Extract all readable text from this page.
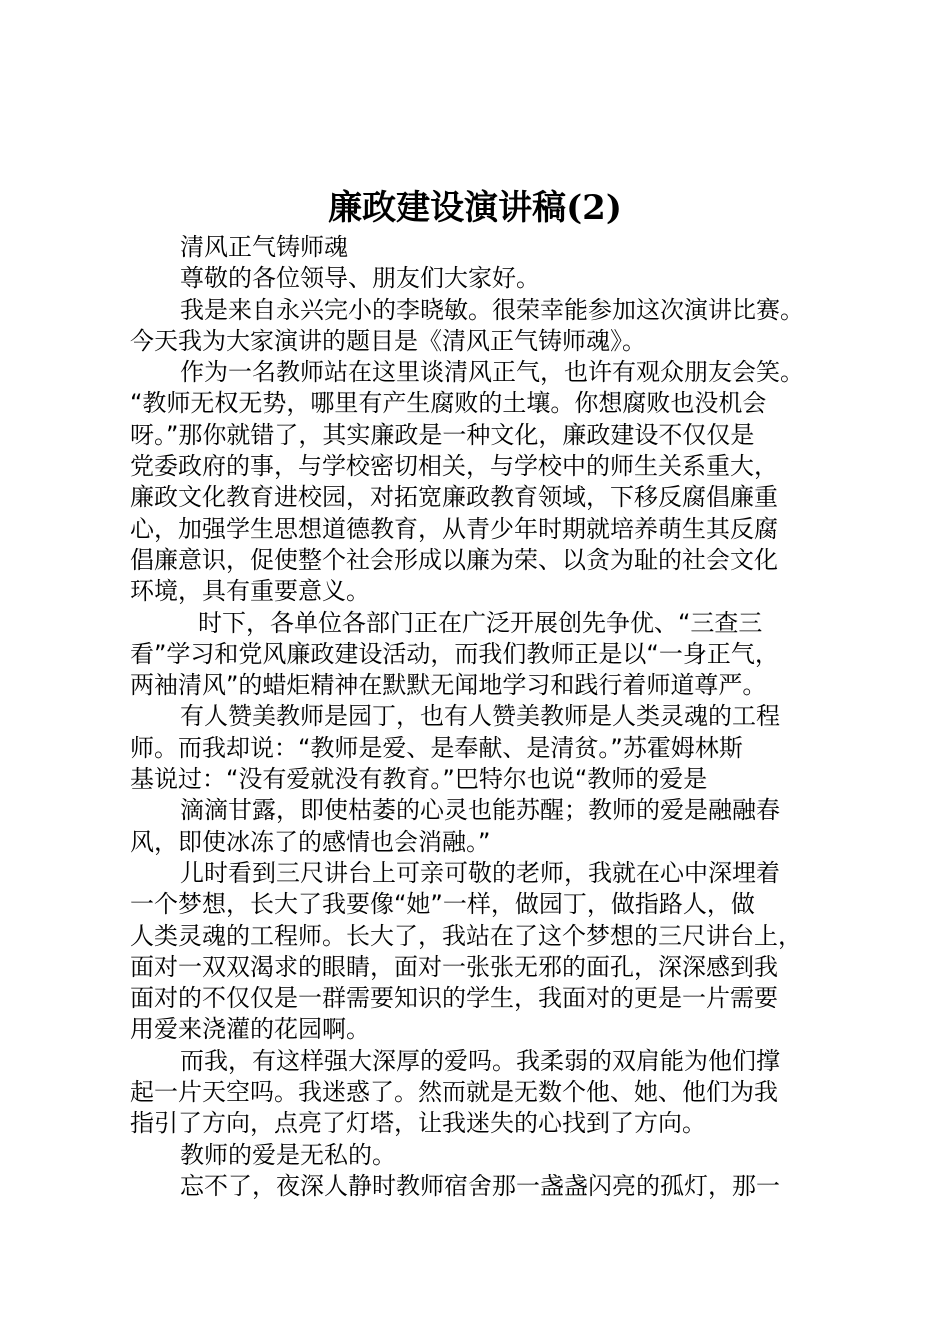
廉政建设演讲稿(2)
清风正气铸师魂
尊敬的各位领导、朋友们大家好。
我是来自永兴完小的李晓敏。很荣幸能参加这次演讲比赛。
今天我为大家演讲的题目是《清风正气铸师魂》。
作为一名教师站在这里谈清风正气，也许有观众朋友会笑。
“教师无权无势，哪里有产生腐败的土壤。你想腐败也没机会
呀。”那你就错了，其实廉政是一种文化，廉政建设不仅仅是
党委政府的事，与学校密切相关，与学校中的师生关系重大，
廉政文化教育进校园，对拓宽廉政教育领域，下移反腐倡廉重
心，加强学生思想道德教育，从青少年时期就培养萌生其反腐
倡廉意识，促使整个社会形成以廉为荣、以贪为耻的社会文化
环境，具有重要意义。
时下，各单位各部门正在广泛开展创先争优、“三查三
看”学习和党风廉政建设活动，而我们教师正是以“一身正气，
两袖清风”的蜡炬精神在默默无闻地学习和践行着师道尊严。
有人赞美教师是园丁，也有人赞美教师是人类灵魂的工程
师。而我却说：“教师是爱、是奉献、是清贫。”苏霍姆林斯
基说过：“没有爱就没有教育。”巴特尔也说“教师的爱是
滴滴甘露，即使枯萎的心灵也能苏醒；教师的爱是融融春
风，即使冰冻了的感情也会消融。”
儿时看到三尺讲台上可亲可敬的老师，我就在心中深埋着
一个梦想，长大了我要像“她”一样，做园丁，做指路人，做
人类灵魂的工程师。长大了，我站在了这个梦想的三尺讲台上，
面对一双双渴求的眼睛，面对一张张无邪的面孔，深深感到我
面对的不仅仅是一群需要知识的学生，我面对的更是一片需要
用爱来浇灌的花园啊。
而我，有这样强大深厚的爱吗。我柔弱的双肩能为他们撑
起一片天空吗。我迷惑了。然而就是无数个他、她、他们为我
指引了方向，点亮了灯塔，让我迷失的心找到了方向。
教师的爱是无私的。
忘不了，夜深人静时教师宿舍那一盏盏闪亮的孤灯，那一
